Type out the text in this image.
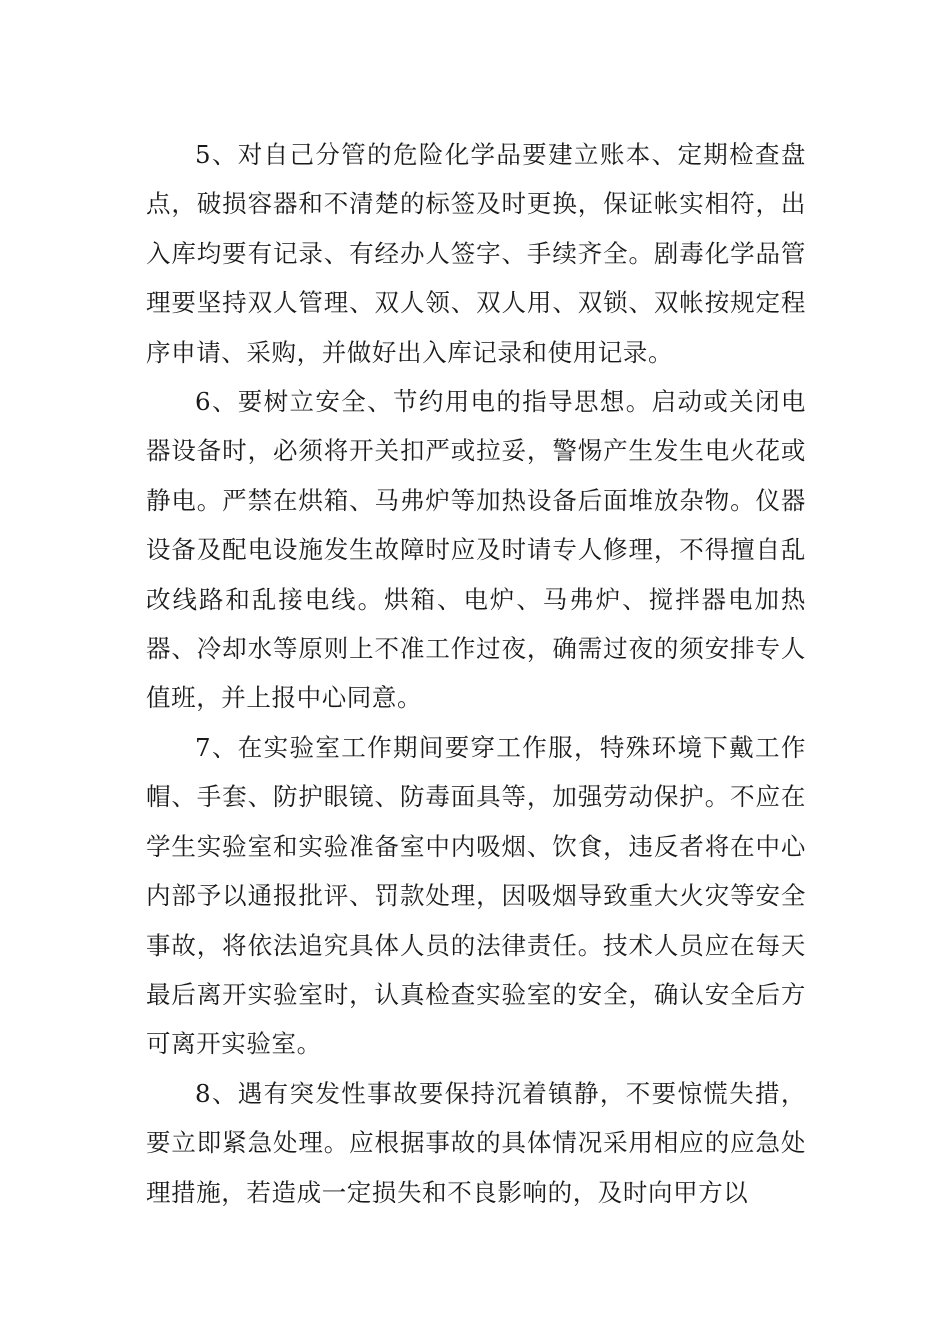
5、对自己分管的危险化学品要建立账本、定期检查盘点，破损容器和不清楚的标签及时更换，保证帐实相符，出入库均要有记录、有经办人签字、手续齐全。剧毒化学品管理要坚持双人管理、双人领、双人用、双锁、双帐按规定程序申请、采购，并做好出入库记录和使用记录。

6、要树立安全、节约用电的指导思想。启动或关闭电器设备时，必须将开关扣严或拉妥，警惕产生发生电火花或静电。严禁在烘箱、马弗炉等加热设备后面堆放杂物。仪器设备及配电设施发生故障时应及时请专人修理，不得擅自乱改线路和乱接电线。烘箱、电炉、马弗炉、搅拌器电加热器、冷却水等原则上不准工作过夜，确需过夜的须安排专人值班，并上报中心同意。

7、在实验室工作期间要穿工作服，特殊环境下戴工作帽、手套、防护眼镜、防毒面具等，加强劳动保护。不应在学生实验室和实验准备室中内吸烟、饮食，违反者将在中心内部予以通报批评、罚款处理，因吸烟导致重大火灾等安全事故，将依法追究具体人员的法律责任。技术人员应在每天最后离开实验室时，认真检查实验室的安全，确认安全后方可离开实验室。

8、遇有突发性事故要保持沉着镇静，不要惊慌失措，要立即紧急处理。应根据事故的具体情况采用相应的应急处理措施，若造成一定损失和不良影响的，及时向甲方以
